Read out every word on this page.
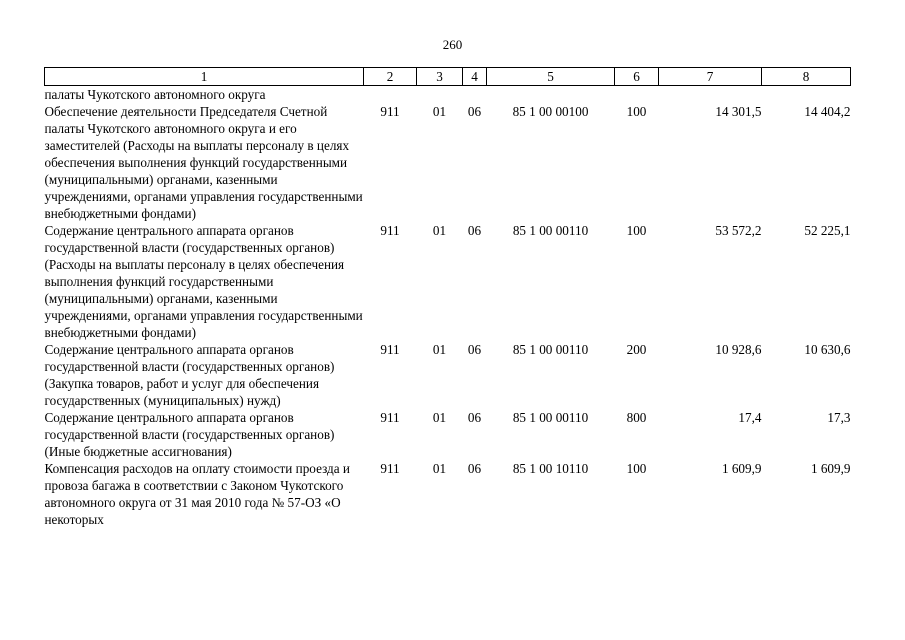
260
1	2	3	4	5	6	7	8
палаты Чукотского автономного округа							
Обеспечение деятельности Председателя Счетной палаты Чукотского автономного округа и его заместителей (Расходы на выплаты персоналу в целях обеспечения выполнения функций государственными (муниципальными) органами, казенными учреждениями, органами управления государственными внебюджетными фондами)	911	01	06	85 1 00 00100	100	14 301,5	14 404,2
Содержание центрального аппарата органов государственной власти (государственных органов) (Расходы на выплаты персоналу в целях обеспечения выполнения функций государственными (муниципальными) органами, казенными учреждениями, органами управления государственными внебюджетными фондами)	911	01	06	85 1 00 00110	100	53 572,2	52 225,1
Содержание центрального аппарата органов государственной власти (государственных органов) (Закупка товаров, работ и услуг для обеспечения государственных (муниципальных) нужд)	911	01	06	85 1 00 00110	200	10 928,6	10 630,6
Содержание центрального аппарата органов государственной власти (государственных органов) (Иные бюджетные ассигнования)	911	01	06	85 1 00 00110	800	17,4	17,3
Компенсация расходов на оплату стоимости проезда и провоза багажа в соответствии с Законом Чукотского автономного округа от 31 мая 2010 года № 57-ОЗ «О некоторых	911	01	06	85 1 00 10110	100	1 609,9	1 609,9
